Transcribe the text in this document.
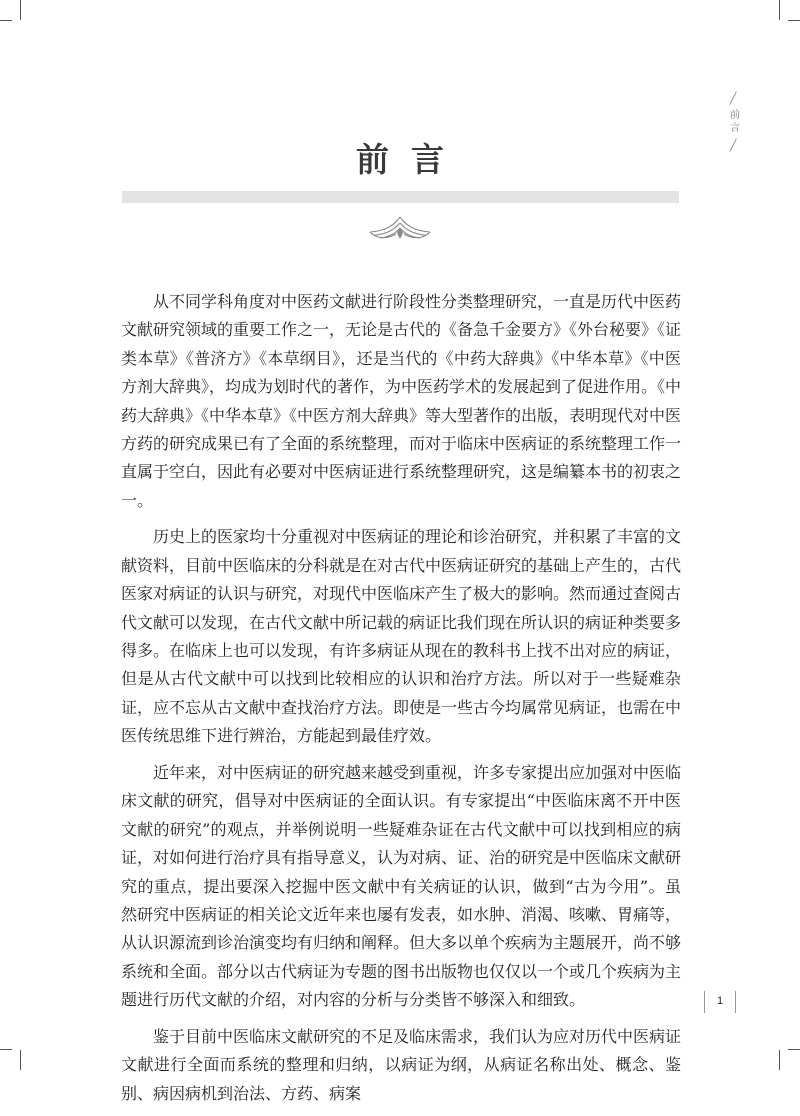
╱
前言
╱
前言

从不同学科角度对中医药文献进行阶段性分类整理研究，一直是历代中医药文献研究领域的重要工作之一，无论是古代的《备急千金要方》《外台秘要》《证类本草》《普济方》《本草纲目》，还是当代的《中药大辞典》《中华本草》《中医方剂大辞典》，均成为划时代的著作，为中医药学术的发展起到了促进作用。《中药大辞典》《中华本草》《中医方剂大辞典》等大型著作的出版，表明现代对中医方药的研究成果已有了全面的系统整理，而对于临床中医病证的系统整理工作一直属于空白，因此有必要对中医病证进行系统整理研究，这是编纂本书的初衷之一。

历史上的医家均十分重视对中医病证的理论和诊治研究，并积累了丰富的文献资料，目前中医临床的分科就是在对古代中医病证研究的基础上产生的，古代医家对病证的认识与研究，对现代中医临床产生了极大的影响。然而通过查阅古代文献可以发现，在古代文献中所记载的病证比我们现在所认识的病证种类要多得多。在临床上也可以发现，有许多病证从现在的教科书上找不出对应的病证，但是从古代文献中可以找到比较相应的认识和治疗方法。所以对于一些疑难杂证，应不忘从古文献中查找治疗方法。即使是一些古今均属常见病证，也需在中医传统思维下进行辨治，方能起到最佳疗效。

近年来，对中医病证的研究越来越受到重视，许多专家提出应加强对中医临床文献的研究，倡导对中医病证的全面认识。有专家提出“中医临床离不开中医文献的研究”的观点，并举例说明一些疑难杂证在古代文献中可以找到相应的病证，对如何进行治疗具有指导意义，认为对病、证、治的研究是中医临床文献研究的重点，提出要深入挖掘中医文献中有关病证的认识，做到“古为今用”。虽然研究中医病证的相关论文近年来也屡有发表，如水肿、消渴、咳嗽、胃痛等，从认识源流到诊治演变均有归纳和阐释。但大多以单个疾病为主题展开，尚不够系统和全面。部分以古代病证为专题的图书出版物也仅仅以一个或几个疾病为主题进行历代文献的介绍，对内容的分析与分类皆不够深入和细致。

鉴于目前中医临床文献研究的不足及临床需求，我们认为应对历代中医病证文献进行全面而系统的整理和归纳，以病证为纲，从病证名称出处、概念、鉴别、病因病机到治法、方药、病案

1
